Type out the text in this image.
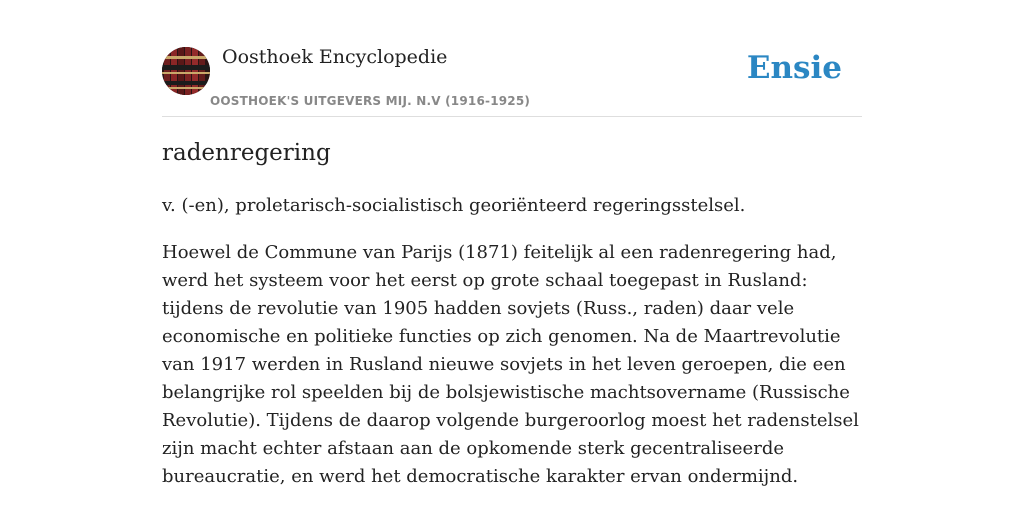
Oosthoek Encyclopedie
OOSTHOEK'S UITGEVERS MIJ. N.V (1916-1925)
Ensie
radenregering

v. (-en), proletarisch-socialistisch georiënteerd regeringsstelsel.

Hoewel de Commune van Parijs (1871) feitelijk al een radenregering had, werd het systeem voor het eerst op grote schaal toegepast in Rusland: tijdens de revolutie van 1905 hadden sovjets (Russ., raden) daar vele economische en politieke functies op zich genomen. Na de Maartrevolutie van 1917 werden in Rusland nieuwe sovjets in het leven geroepen, die een belangrijke rol speelden bij de bolsjewistische machtsovername (Russische Revolutie). Tijdens de daarop volgende burgeroorlog moest het radenstelsel zijn macht echter afstaan aan de opkomende sterk gecentraliseerde bureaucratie, en werd het democratische karakter ervan ondermijnd.
